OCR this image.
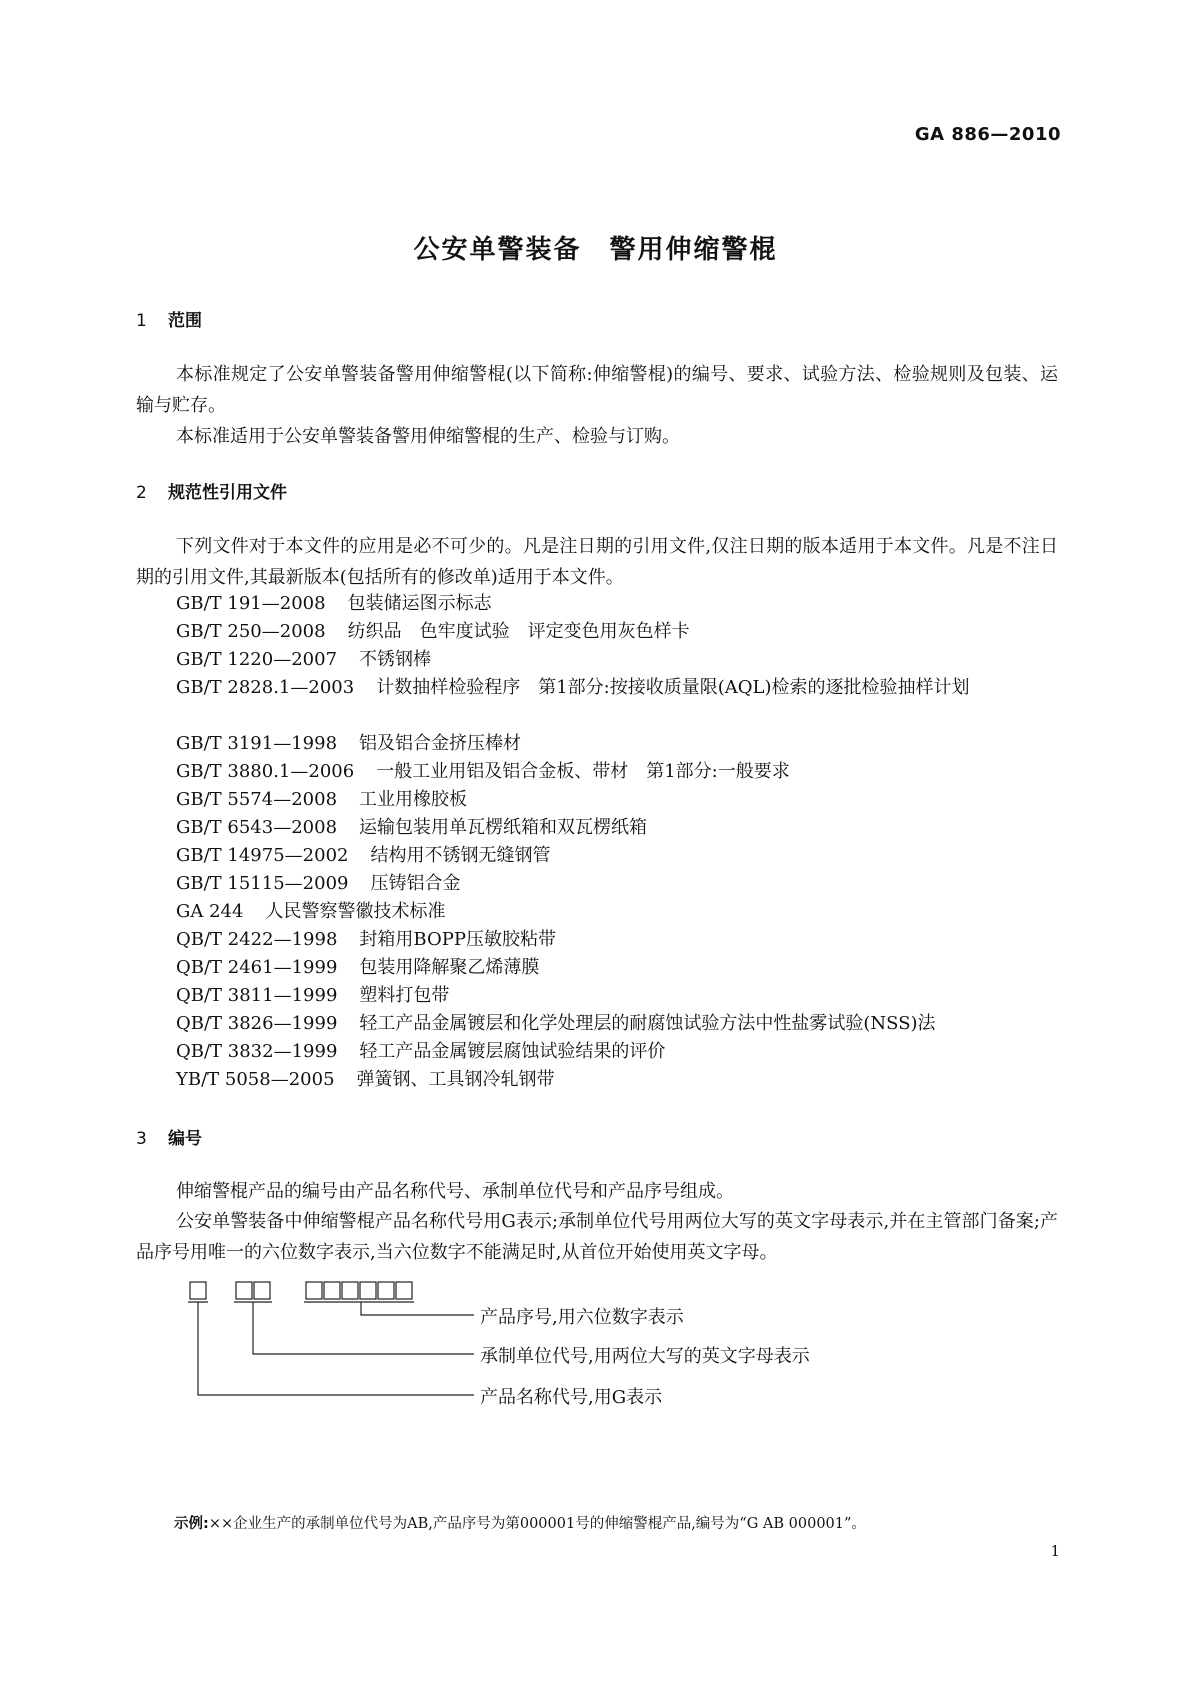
GA 886—2010
公安单警装备　警用伸缩警棍
1 范围
本标准规定了公安单警装备警用伸缩警棍(以下简称:伸缩警棍)的编号、要求、试验方法、检验规则及包装、运输与贮存。
本标准适用于公安单警装备警用伸缩警棍的生产、检验与订购。
2 规范性引用文件
下列文件对于本文件的应用是必不可少的。凡是注日期的引用文件,仅注日期的版本适用于本文件。凡是不注日期的引用文件,其最新版本(包括所有的修改单)适用于本文件。
GB/T 191—2008 包装储运图示标志
GB/T 250—2008 纺织品　色牢度试验　评定变色用灰色样卡
GB/T 1220—2007 不锈钢棒
GB/T 2828.1—2003 计数抽样检验程序　第1部分:按接收质量限(AQL)检索的逐批检验抽样计划
GB/T 3191—1998 铝及铝合金挤压棒材
GB/T 3880.1—2006 一般工业用铝及铝合金板、带材　第1部分:一般要求
GB/T 5574—2008 工业用橡胶板
GB/T 6543—2008 运输包装用单瓦楞纸箱和双瓦楞纸箱
GB/T 14975—2002 结构用不锈钢无缝钢管
GB/T 15115—2009 压铸铝合金
GA 244 人民警察警徽技术标准
QB/T 2422—1998 封箱用BOPP压敏胶粘带
QB/T 2461—1999 包装用降解聚乙烯薄膜
QB/T 3811—1999 塑料打包带
QB/T 3826—1999 轻工产品金属镀层和化学处理层的耐腐蚀试验方法中性盐雾试验(NSS)法
QB/T 3832—1999 轻工产品金属镀层腐蚀试验结果的评价
YB/T 5058—2005 弹簧钢、工具钢冷轧钢带
3 编号
伸缩警棍产品的编号由产品名称代号、承制单位代号和产品序号组成。
公安单警装备中伸缩警棍产品名称代号用G表示;承制单位代号用两位大写的英文字母表示,并在主管部门备案;产品序号用唯一的六位数字表示,当六位数字不能满足时,从首位开始使用英文字母。
产品序号,用六位数字表示
承制单位代号,用两位大写的英文字母表示
产品名称代号,用G表示
示例:××企业生产的承制单位代号为AB,产品序号为第000001号的伸缩警棍产品,编号为“G AB 000001”。
1
